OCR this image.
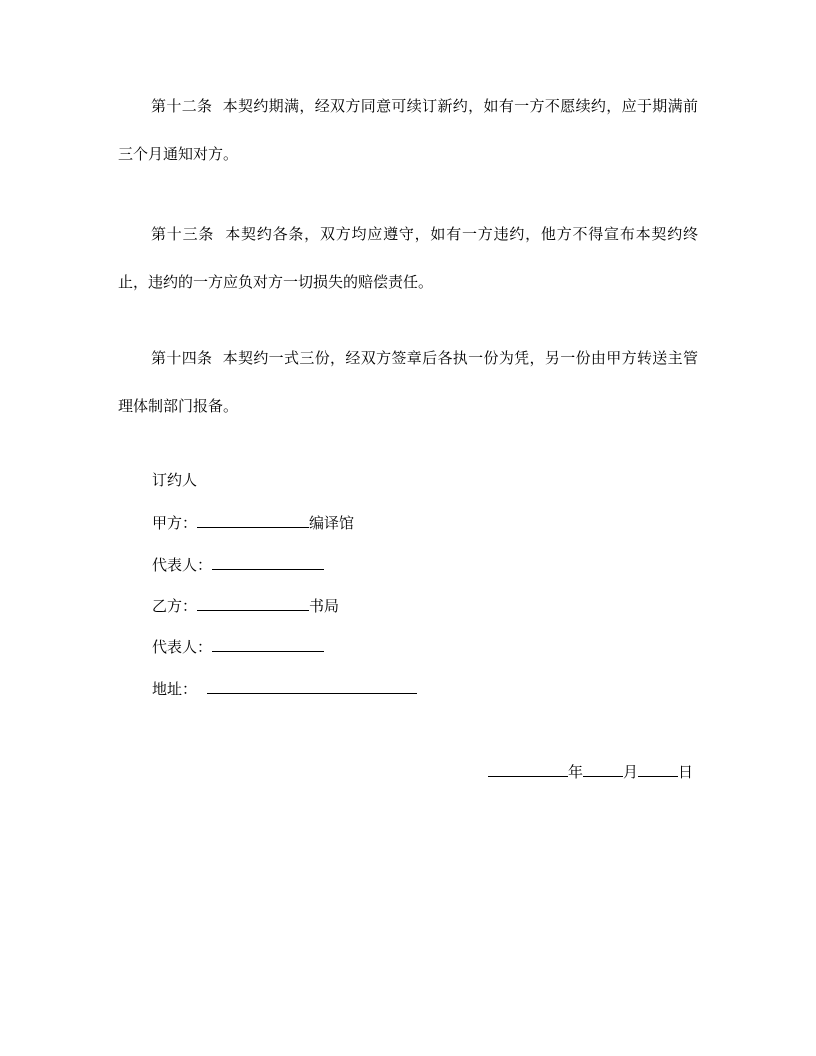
第十二条 本契约期满，经双方同意可续订新约，如有一方不愿续约，应于期满前三个月通知对方。

第十三条 本契约各条，双方均应遵守，如有一方违约，他方不得宣布本契约终止，违约的一方应负对方一切损失的赔偿责任。

第十四条 本契约一式三份，经双方签章后各执一份为凭，另一份由甲方转送主管理体制部门报备。

订约人
甲方：	编译馆
代表人：
乙方：	书局
代表人：
地址：
年	月	日
